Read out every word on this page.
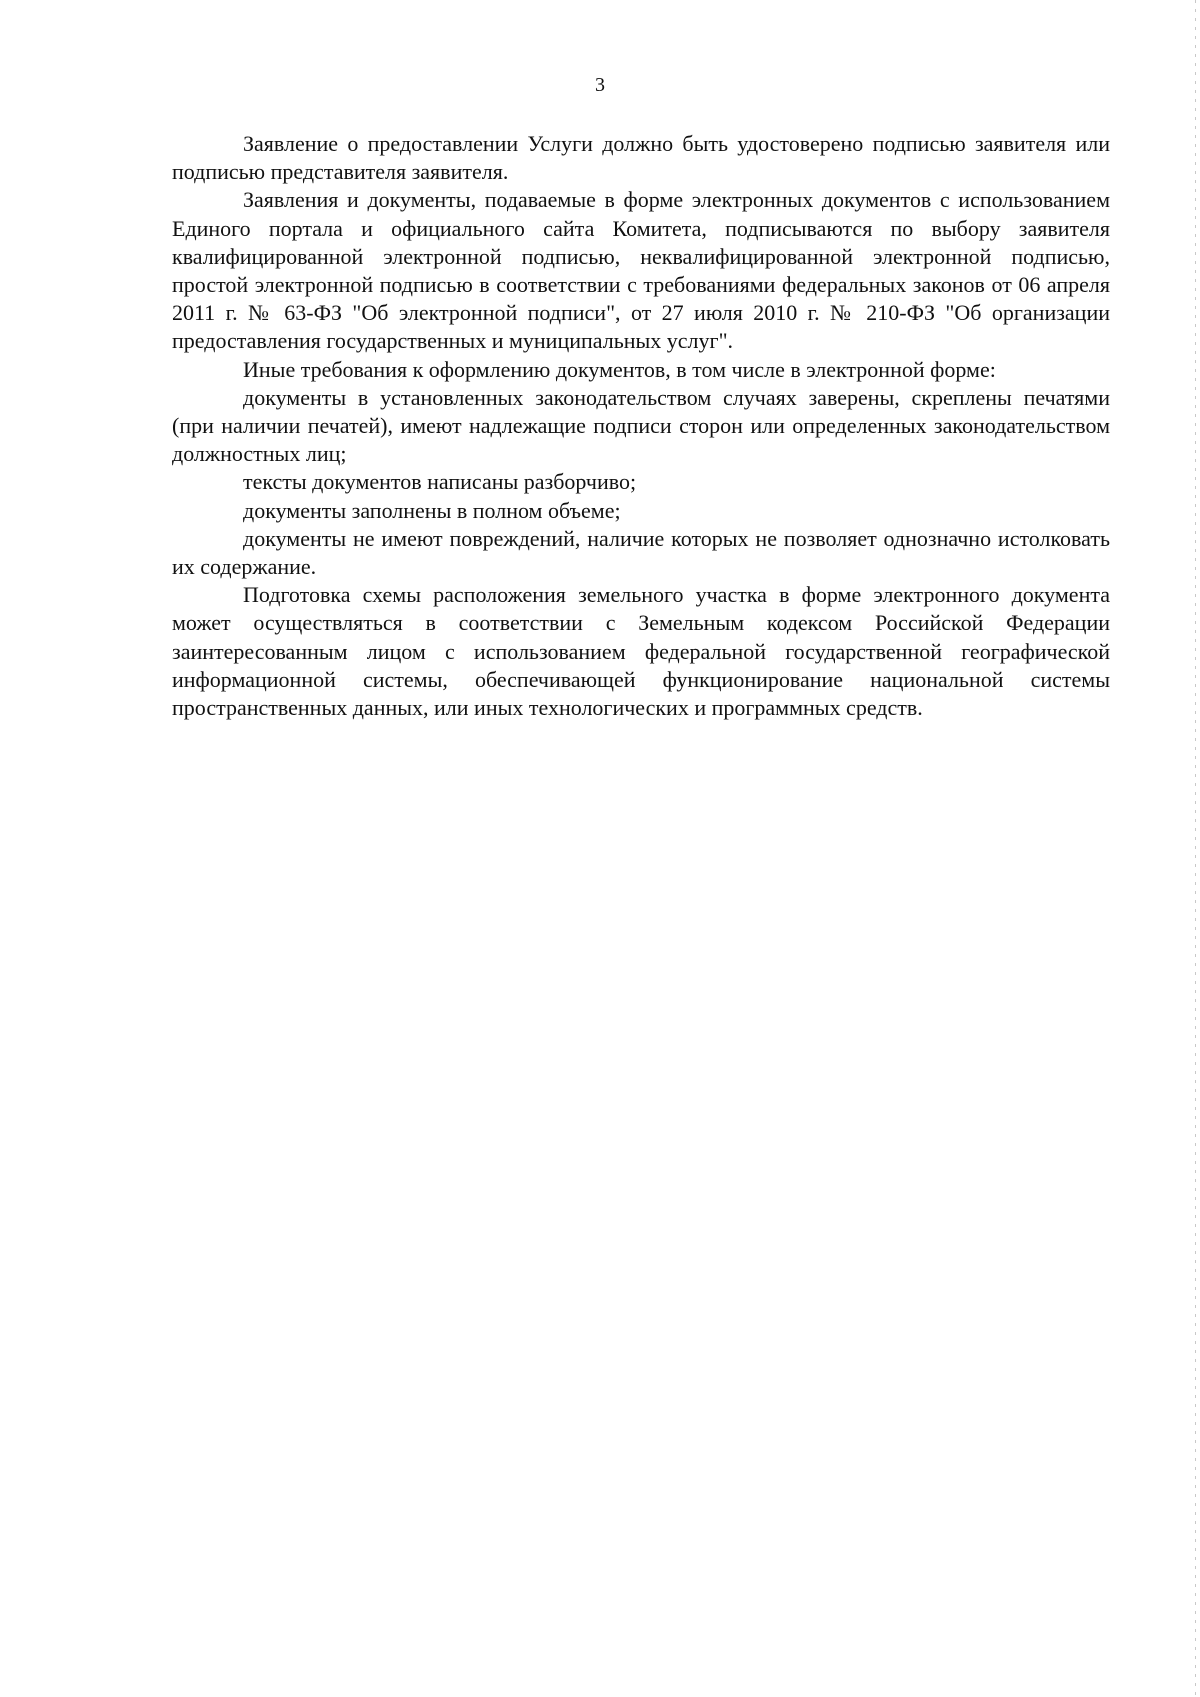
3

Заявление о предоставлении Услуги должно быть удостоверено подписью заявителя или подписью представителя заявителя.

Заявления и документы, подаваемые в форме электронных документов с использованием Единого портала и официального сайта Комитета, подписываются по выбору заявителя квалифицированной электронной подписью, неквалифицированной электронной подписью, простой электронной подписью в соответствии с требованиями федеральных законов от 06 апреля 2011 г. № 63-ФЗ "Об электронной подписи", от 27 июля 2010 г. № 210-ФЗ "Об организации предоставления государственных и муниципальных услуг".

Иные требования к оформлению документов, в том числе в электронной форме:

документы в установленных законодательством случаях заверены, скреплены печатями (при наличии печатей), имеют надлежащие подписи сторон или определенных законодательством должностных лиц;

тексты документов написаны разборчиво;

документы заполнены в полном объеме;

документы не имеют повреждений, наличие которых не позволяет однозначно истолковать их содержание.

Подготовка схемы расположения земельного участка в форме электронного документа может осуществляться в соответствии с Земельным кодексом Российской Федерации заинтересованным лицом с использованием федеральной государственной географической информационной системы, обеспечивающей функционирование национальной системы пространственных данных, или иных технологических и программных средств.
